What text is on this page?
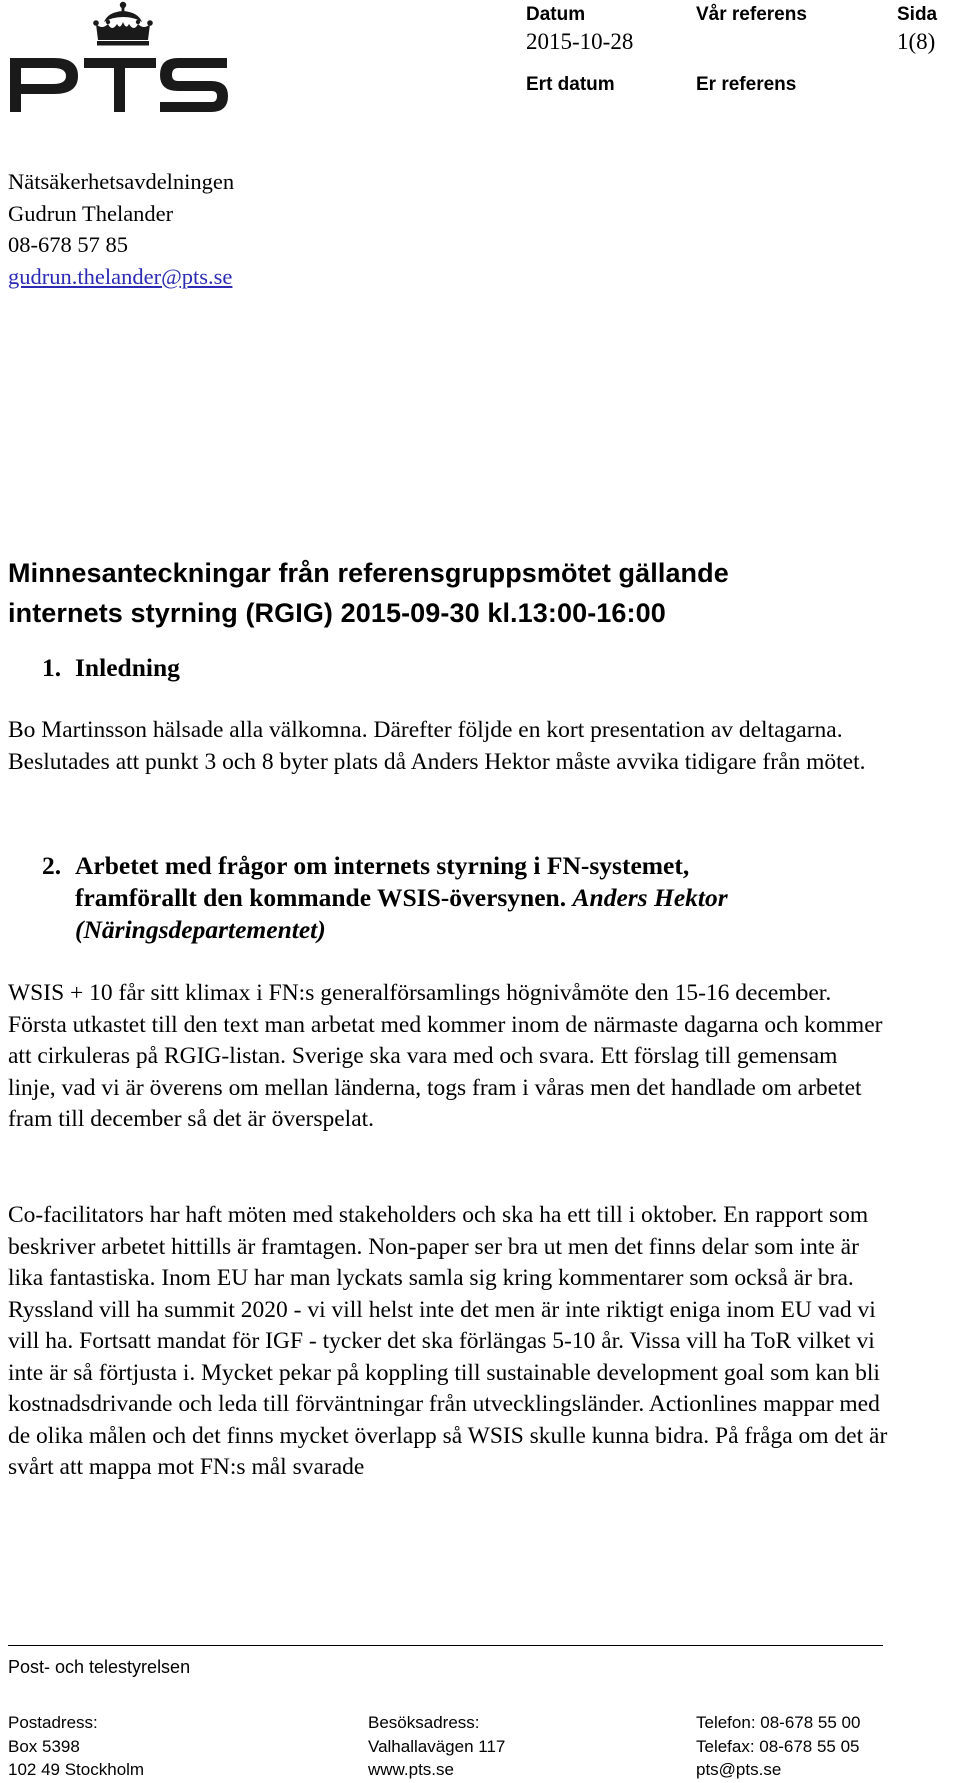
PTS
Datum
2015-10-28
Vår referens	Sida
1(8)
Ert datum	Er referens
Nätsäkerhetsavdelningen
Gudrun Thelander
08-678 57 85
gudrun.thelander@pts.se
Minnesanteckningar från referensgruppsmötet gällande
internets styrning (RGIG) 2015-09-30 kl.13:00-16:00
1. Inledning
Bo Martinsson hälsade alla välkomna. Därefter följde en kort presentation av deltagarna. Beslutades att punkt 3 och 8 byter plats då Anders Hektor måste avvika tidigare från mötet.
2. Arbetet med frågor om internets styrning i FN-systemet,
framförallt den kommande WSIS-översynen. Anders Hektor
(Näringsdepartementet)
WSIS + 10 får sitt klimax i FN:s generalförsamlings högnivåmöte den 15-16 december. Första utkastet till den text man arbetat med kommer inom de närmaste dagarna och kommer att cirkuleras på RGIG-listan. Sverige ska vara med och svara. Ett förslag till gemensam linje, vad vi är överens om mellan länderna, togs fram i våras men det handlade om arbetet fram till december så det är överspelat.
Co-facilitators har haft möten med stakeholders och ska ha ett till i oktober. En rapport som beskriver arbetet hittills är framtagen. Non-paper ser bra ut men det finns delar som inte är lika fantastiska. Inom EU har man lyckats samla sig kring kommentarer som också är bra. Ryssland vill ha summit 2020 - vi vill helst inte det men är inte riktigt eniga inom EU vad vi vill ha. Fortsatt mandat för IGF - tycker det ska förlängas 5-10 år. Vissa vill ha ToR vilket vi inte är så förtjusta i. Mycket pekar på koppling till sustainable development goal som kan bli kostnadsdrivande och leda till förväntningar från utvecklingsländer. Actionlines mappar med de olika målen och det finns mycket överlapp så WSIS skulle kunna bidra. På fråga om det är svårt att mappa mot FN:s mål svarade
Post- och telestyrelsen
Postadress:
Box 5398
102 49 Stockholm
Besöksadress:
Valhallavägen 117
www.pts.se
Telefon: 08-678 55 00
Telefax: 08-678 55 05
pts@pts.se
